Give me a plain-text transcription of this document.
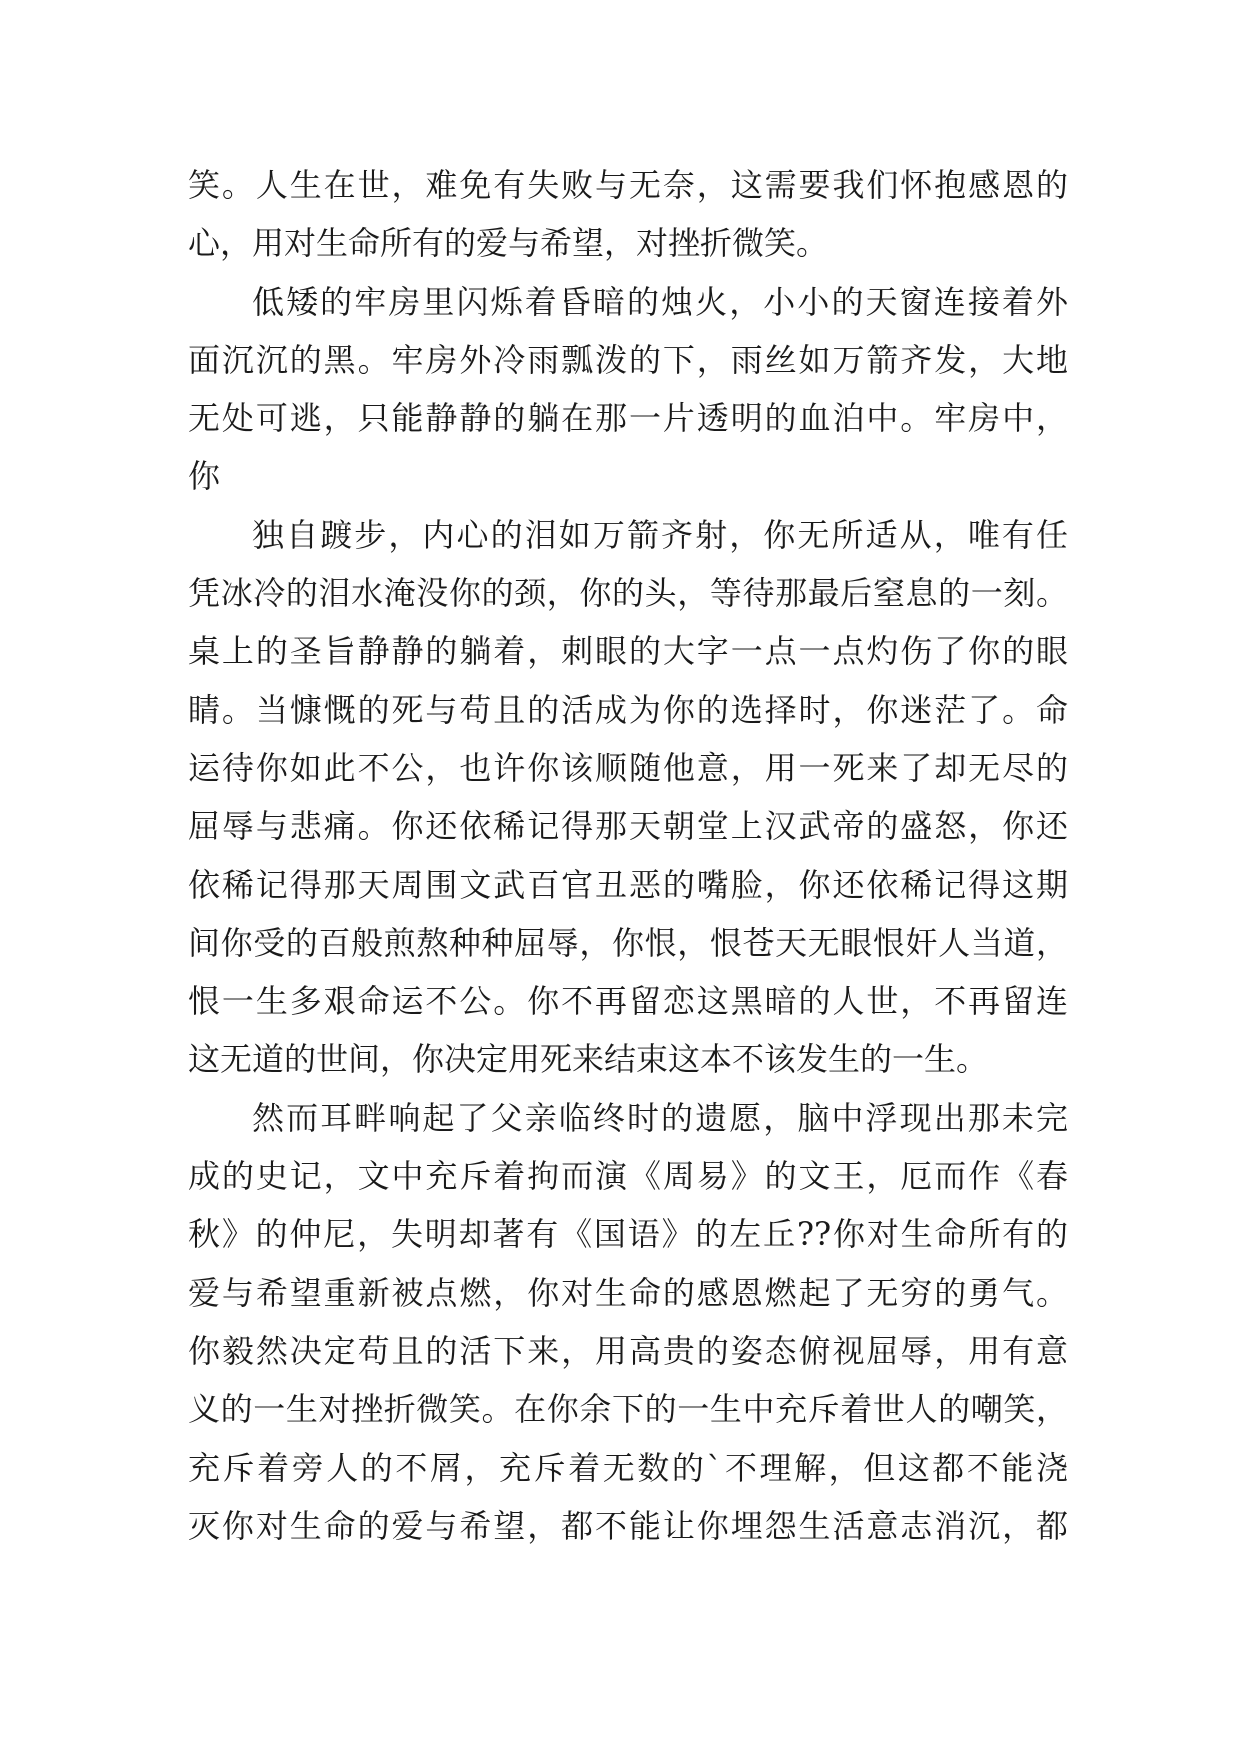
笑。人生在世，难免有失败与无奈，这需要我们怀抱感恩的
心，用对生命所有的爱与希望，对挫折微笑。
低矮的牢房里闪烁着昏暗的烛火，小小的天窗连接着外
面沉沉的黑。牢房外冷雨瓢泼的下，雨丝如万箭齐发，大地
无处可逃，只能静静的躺在那一片透明的血泊中。牢房中，
你
独自踱步，内心的泪如万箭齐射，你无所适从，唯有任
凭冰冷的泪水淹没你的颈，你的头，等待那最后窒息的一刻。
桌上的圣旨静静的躺着，刺眼的大字一点一点灼伤了你的眼
睛。当慷慨的死与苟且的活成为你的选择时，你迷茫了。命
运待你如此不公，也许你该顺随他意，用一死来了却无尽的
屈辱与悲痛。你还依稀记得那天朝堂上汉武帝的盛怒，你还
依稀记得那天周围文武百官丑恶的嘴脸，你还依稀记得这期
间你受的百般煎熬种种屈辱，你恨，恨苍天无眼恨奸人当道，
恨一生多艰命运不公。你不再留恋这黑暗的人世，不再留连
这无道的世间，你决定用死来结束这本不该发生的一生。
然而耳畔响起了父亲临终时的遗愿，脑中浮现出那未完
成的史记，文中充斥着拘而演《周易》的文王，厄而作《春
秋》的仲尼，失明却著有《国语》的左丘??你对生命所有的
爱与希望重新被点燃，你对生命的感恩燃起了无穷的勇气。
你毅然决定苟且的活下来，用高贵的姿态俯视屈辱，用有意
义的一生对挫折微笑。在你余下的一生中充斥着世人的嘲笑，
充斥着旁人的不屑，充斥着无数的`不理解，但这都不能浇
灭你对生命的爱与希望，都不能让你埋怨生活意志消沉，都
